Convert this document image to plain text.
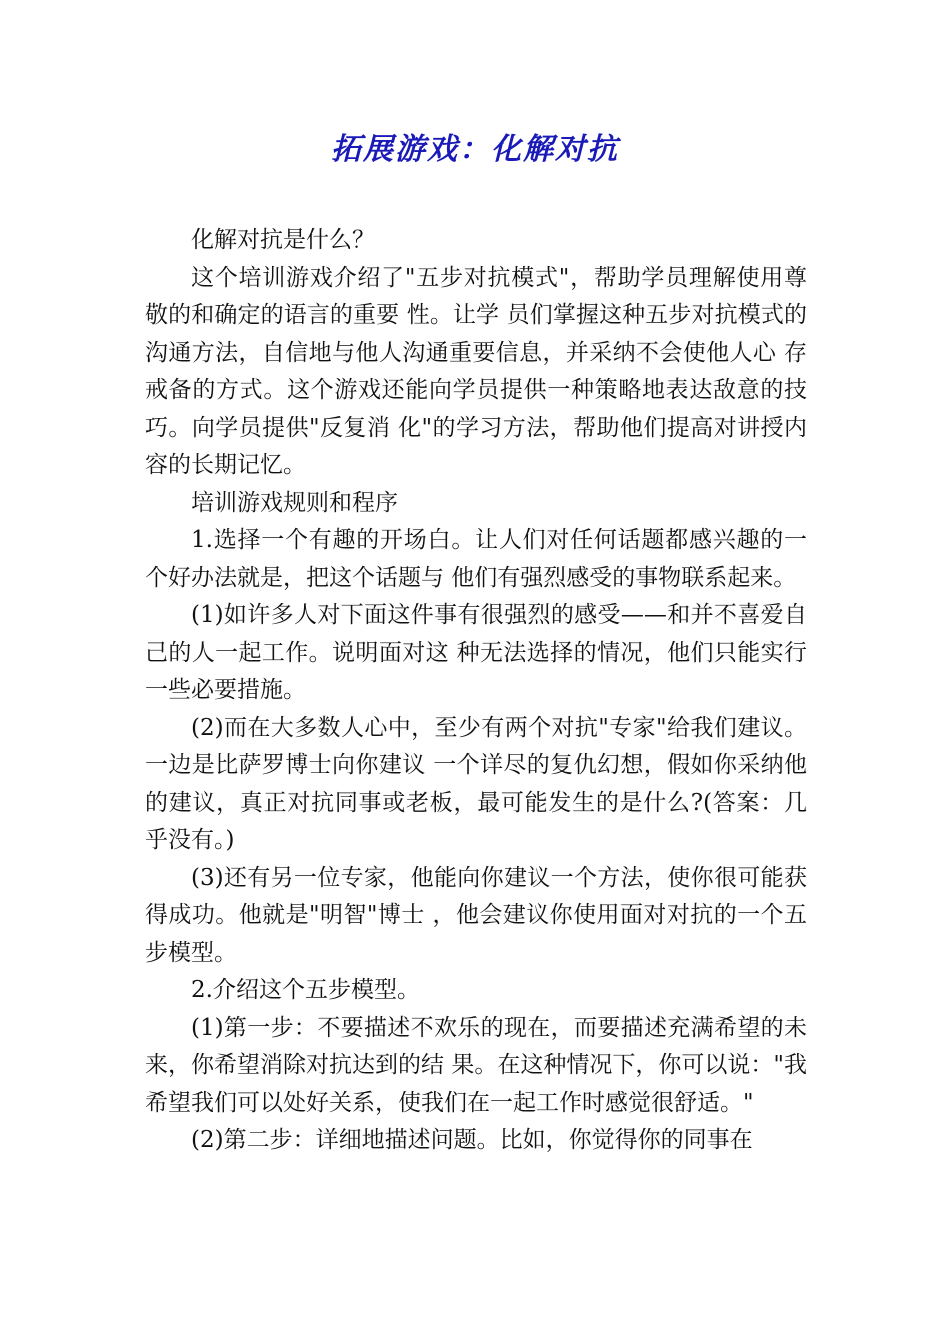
拓展游戏：化解对抗

化解对抗是什么？

这个培训游戏介绍了"五步对抗模式"，帮助学员理解使用尊敬的和确定的语言的重要 性。让学 员们掌握这种五步对抗模式的沟通方法，自信地与他人沟通重要信息，并采纳不会使他人心 存戒备的方式。这个游戏还能向学员提供一种策略地表达敌意的技巧。向学员提供"反复消 化"的学习方法，帮助他们提高对讲授内容的长期记忆。

培训游戏规则和程序

1.选择一个有趣的开场白。让人们对任何话题都感兴趣的一个好办法就是，把这个话题与 他们有强烈感受的事物联系起来。

(1)如许多人对下面这件事有很强烈的感受——和并不喜爱自己的人一起工作。说明面对这 种无法选择的情况，他们只能实行一些必要措施。

(2)而在大多数人心中，至少有两个对抗"专家"给我们建议。一边是比萨罗博士向你建议 一个详尽的复仇幻想，假如你采纳他的建议，真正对抗同事或老板，最可能发生的是什么?(答案：几乎没有。)

(3)还有另一位专家，他能向你建议一个方法，使你很可能获得成功。他就是"明智"博士 ，他会建议你使用面对对抗的一个五步模型。

2.介绍这个五步模型。

(1)第一步：不要描述不欢乐的现在，而要描述充满希望的未来，你希望消除对抗达到的结 果。在这种情况下，你可以说："我希望我们可以处好关系，使我们在一起工作时感觉很舒适。"

(2)第二步：详细地描述问题。比如，你觉得你的同事在
